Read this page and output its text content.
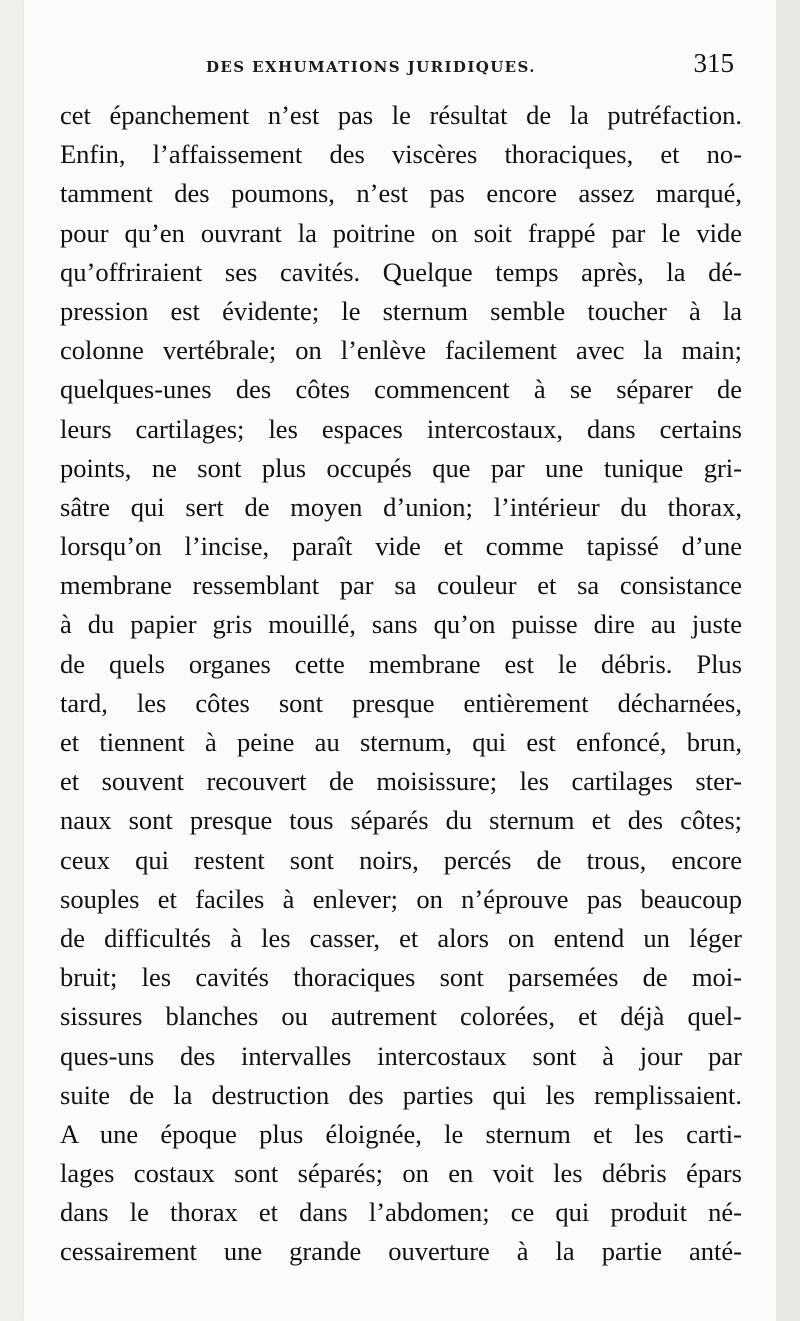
DES EXHUMATIONS JURIDIQUES.	315
cet épanchement n’est pas le résultat de la putréfaction.
Enfin, l’affaissement des viscères thoraciques, et no-
tamment des poumons, n’est pas encore assez marqué,
pour qu’en ouvrant la poitrine on soit frappé par le vide
qu’offriraient ses cavités. Quelque temps après, la dé-
pression est évidente; le sternum semble toucher à la
colonne vertébrale; on l’enlève facilement avec la main;
quelques-unes des côtes commencent à se séparer de
leurs cartilages; les espaces intercostaux, dans certains
points, ne sont plus occupés que par une tunique gri-
sâtre qui sert de moyen d’union; l’intérieur du thorax,
lorsqu’on l’incise, paraît vide et comme tapissé d’une
membrane ressemblant par sa couleur et sa consistance
à du papier gris mouillé, sans qu’on puisse dire au juste
de quels organes cette membrane est le débris. Plus
tard, les côtes sont presque entièrement décharnées,
et tiennent à peine au sternum, qui est enfoncé, brun,
et souvent recouvert de moisissure; les cartilages ster-
naux sont presque tous séparés du sternum et des côtes;
ceux qui restent sont noirs, percés de trous, encore
souples et faciles à enlever; on n’éprouve pas beaucoup
de difficultés à les casser, et alors on entend un léger
bruit; les cavités thoraciques sont parsemées de moi-
sissures blanches ou autrement colorées, et déjà quel-
ques-uns des intervalles intercostaux sont à jour par
suite de la destruction des parties qui les remplissaient.
A une époque plus éloignée, le sternum et les carti-
lages costaux sont séparés; on en voit les débris épars
dans le thorax et dans l’abdomen; ce qui produit né-
cessairement une grande ouverture à la partie anté-
